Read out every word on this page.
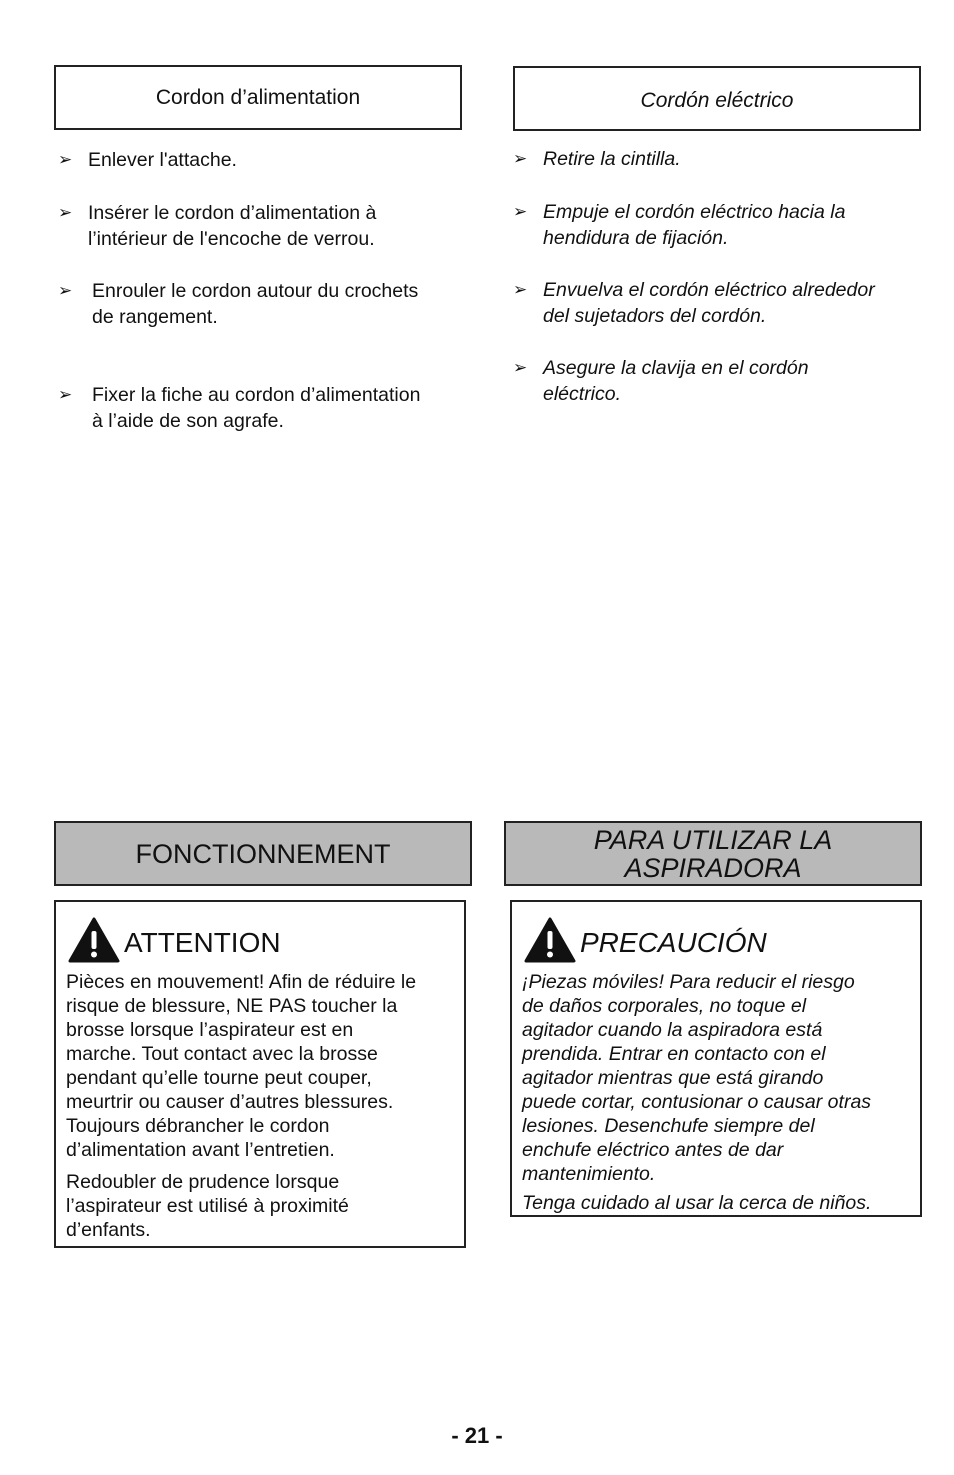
Cordon d’alimentation	Cordón eléctrico
➢ Enlever l'attache.
➢ Insérer le cordon d’alimentation à
l’intérieur de l'encoche de verrou.
➢	Enrouler le cordon autour du crochets
de rangement.
➢	Fixer la fiche au cordon d’alimentation
à l’aide de son agrafe.
➢ Retire la cintilla.
➢ Empuje el cordón eléctrico hacia la
hendidura de fijación.
➢ Envuelva el cordón eléctrico alrededor
del sujetadors del cordón.
➢ Asegure la clavija en el cordón
eléctrico.
FONCTIONNEMENT	PARA UTILIZAR LA
ASPIRADORA
ATTENTION

Pièces en mouvement! Afin de réduire le
risque de blessure, NE PAS toucher la
brosse lorsque l’aspirateur est en
marche. Tout contact avec la brosse
pendant qu’elle tourne peut couper,
meurtrir ou causer d’autres blessures.
Toujours débrancher le cordon
d’alimentation avant l’entretien.

Redoubler de prudence lorsque
l’aspirateur est utilisé à proximité
d’enfants.

PRECAUCIÓN

¡Piezas móviles! Para reducir el riesgo
de daños corporales, no toque el
agitador cuando la aspiradora está
prendida. Entrar en contacto con el
agitador mientras que está girando
puede cortar, contusionar o causar otras
lesiones. Desenchufe siempre del
enchufe eléctrico antes de dar
mantenimiento.

Tenga cuidado al usar la cerca de niños.

- 21 -
